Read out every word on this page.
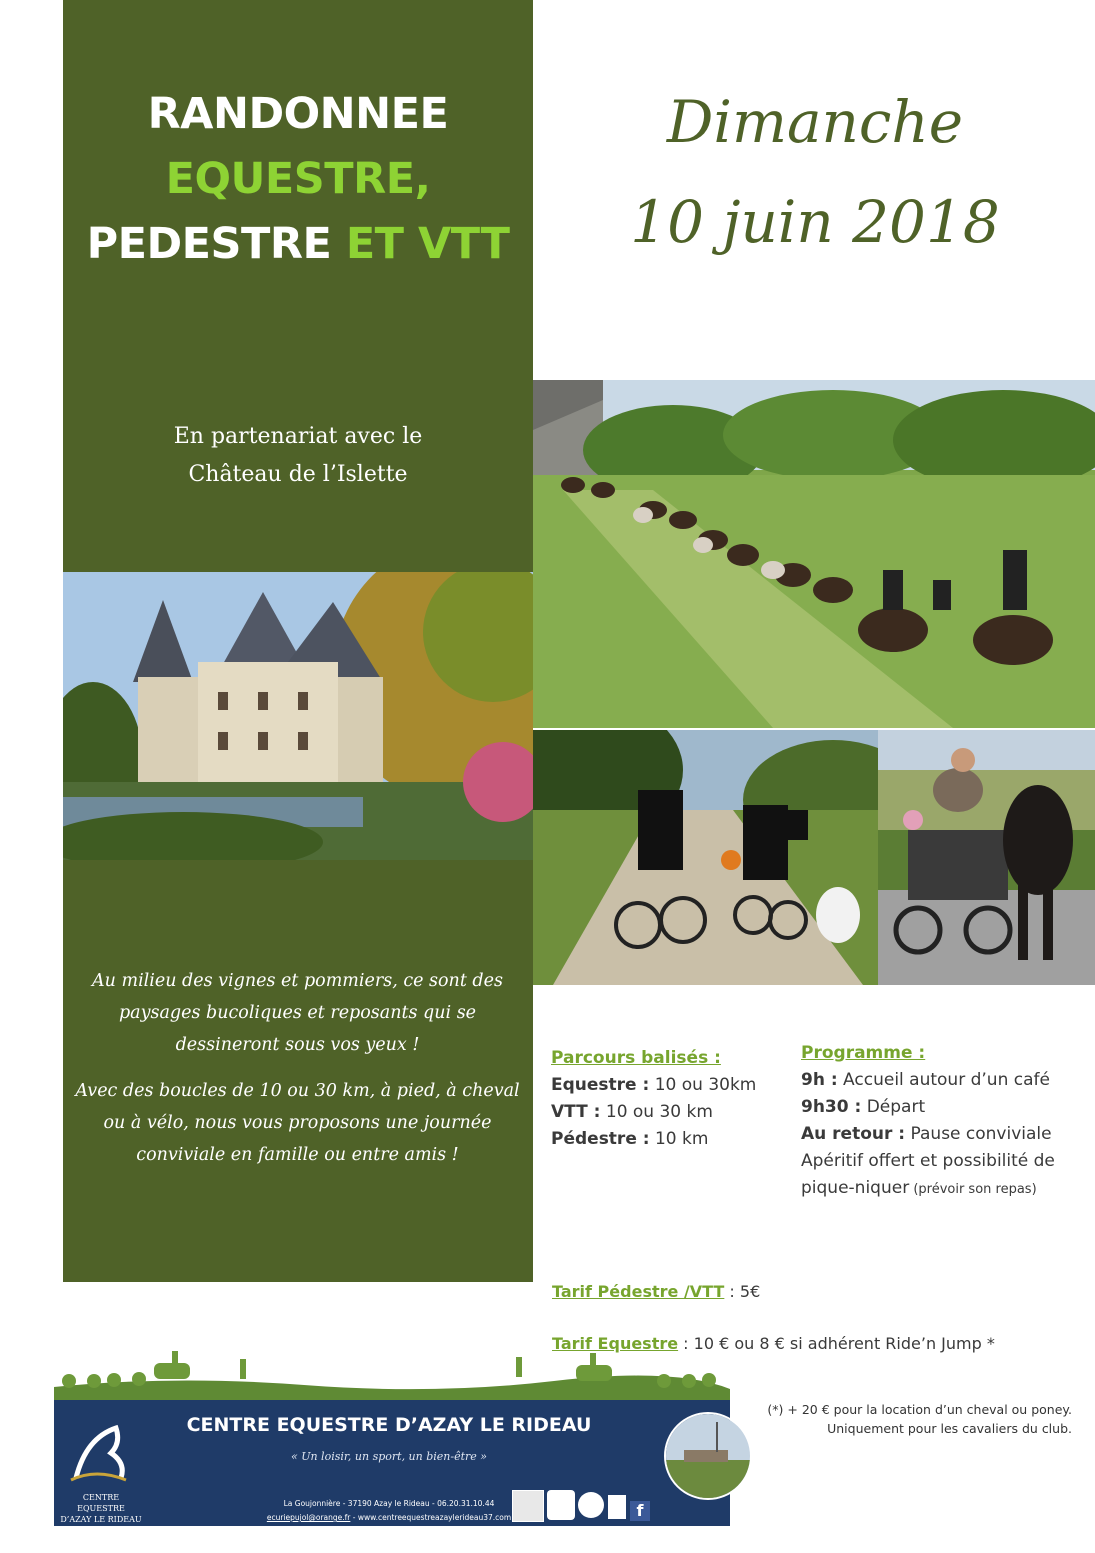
RANDONNEE
EQUESTRE,
PEDESTRE ET VTT
Dimanche
10 juin 2018
En partenariat avec le
Château de l’Islette

Au milieu des vignes et pommiers, ce sont des paysages bucoliques et reposants qui se dessineront sous vos yeux !

Avec des boucles de 10 ou 30 km, à pied, à cheval ou à vélo, nous vous proposons une journée conviviale en famille ou entre amis !

Parcours balisés :
Equestre : 10 ou 30km
VTT : 10 ou 30 km
Pédestre : 10 km
Programme :
9h : Accueil autour d’un café
9h30 : Départ
Au retour : Pause conviviale
Apéritif offert et possibilité de
pique-niquer (prévoir son repas)
Tarif Pédestre /VTT : 5€
Tarif Equestre : 10 € ou 8 € si adhérent Ride’n Jump *
(*) + 20 € pour la location d’un cheval ou poney.
Uniquement pour les cavaliers du club.
CENTRE EQUESTRE
D’AZAY LE RIDEAU
CENTRE EQUESTRE D’AZAY LE RIDEAU
« Un loisir, un sport, un bien-être »
La Goujonnière - 37190 Azay le Rideau - 06.20.31.10.44
ecuriepujol@orange.fr - www.centreequestreazaylerideau37.com	f
